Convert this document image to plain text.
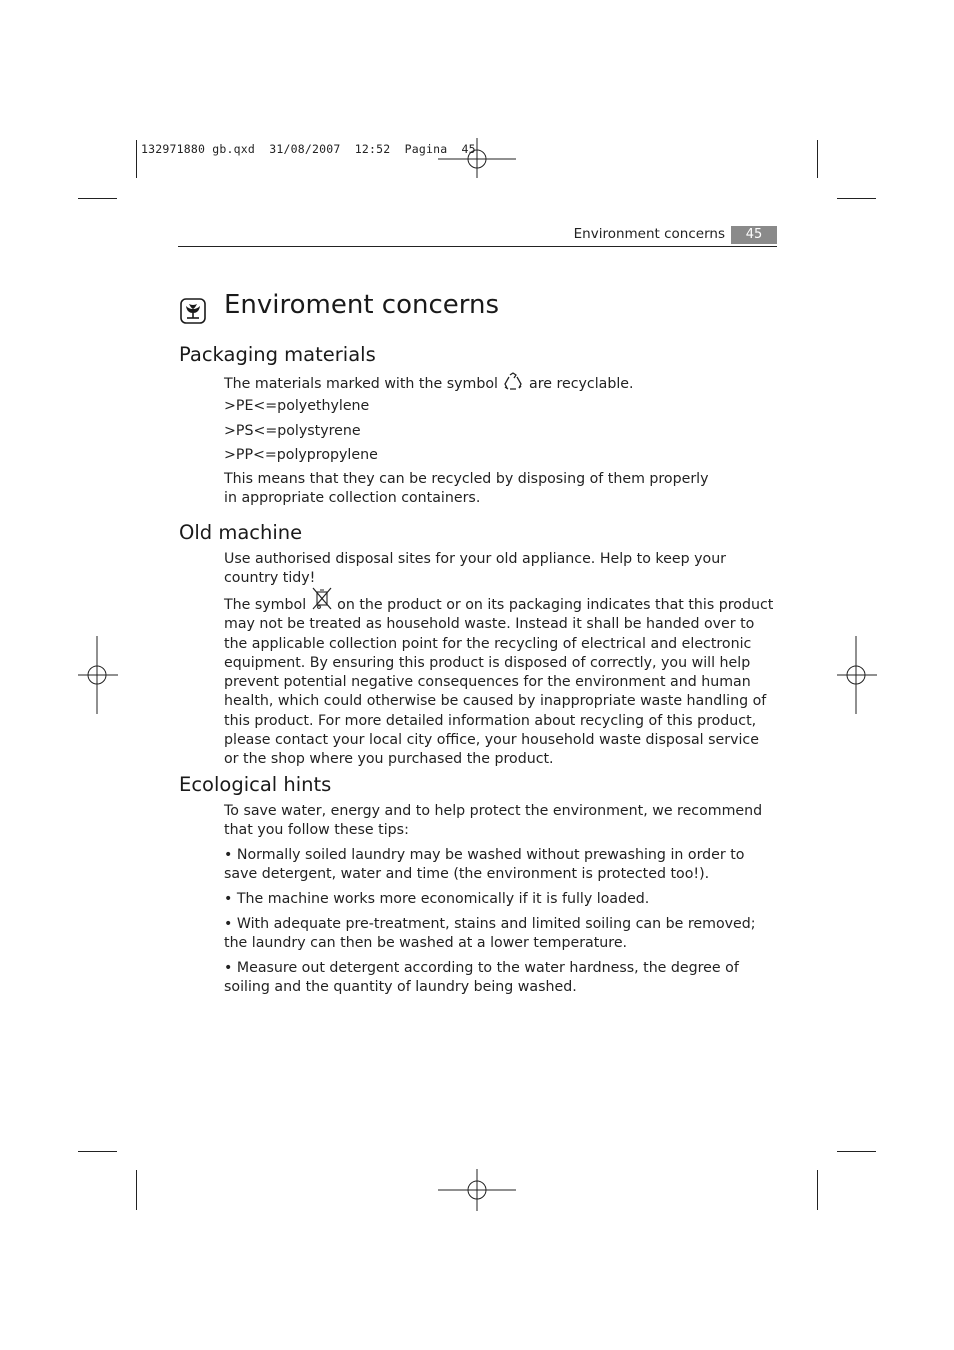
132971880 gb.qxd  31/08/2007  12:52  Pagina  45
Environment concerns	45
Enviroment concerns
Packaging materials

The materials marked with the symbol are recyclable.

>PE<=polyethylene

>PS<=polystyrene

>PP<=polypropylene

This means that they can be recycled by disposing of them properly in appropriate collection containers.

Old machine

Use authorised disposal sites for your old appliance. Help to keep your country tidy!

The symbol on the product or on its packaging indicates that this product may not be treated as household waste. Instead it shall be handed over to the applicable collection point for the recycling of electrical and electronic equipment. By ensuring this product is disposed of correctly, you will help prevent potential negative consequences for the environment and human health, which could otherwise be caused by inappropriate waste handling of this product. For more detailed information about recycling of this product, please contact your local city office, your household waste disposal service or the shop where you purchased the product.

Ecological hints

To save water, energy and to help protect the environment, we recommend that you follow these tips:

• Normally soiled laundry may be washed without prewashing in order to save detergent, water and time (the environment is protected too!).

• The machine works more economically if it is fully loaded.

• With adequate pre-treatment, stains and limited soiling can be removed; the laundry can then be washed at a lower temperature.

• Measure out detergent according to the water hardness, the degree of soiling and the quantity of laundry being washed.
